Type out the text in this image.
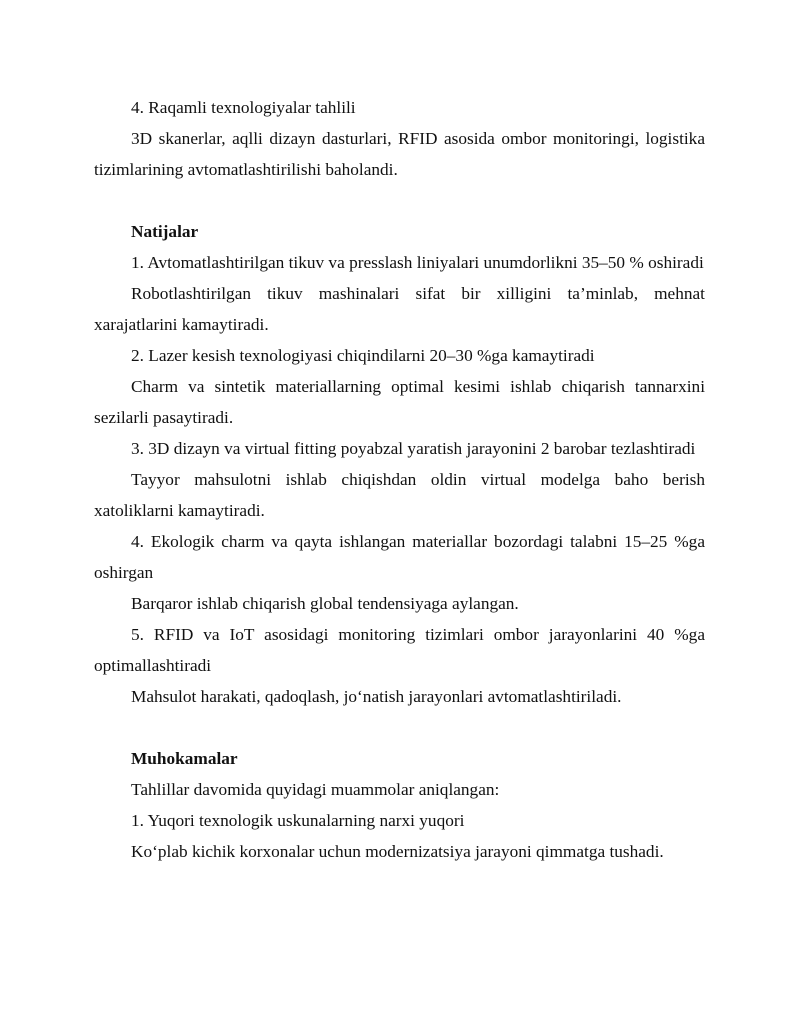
4. Raqamli texnologiyalar tahlili

3D skanerlar, aqlli dizayn dasturlari, RFID asosida ombor monitoringi, logistika tizimlarining avtomatlashtirilishi baholandi.

Natijalar

1. Avtomatlashtirilgan tikuv va presslash liniyalari unumdorlikni 35–50 % oshiradi

Robotlashtirilgan tikuv mashinalari sifat bir xilligini ta’minlab, mehnat xarajatlarini kamaytiradi.

2. Lazer kesish texnologiyasi chiqindilarni 20–30 %ga kamaytiradi

Charm va sintetik materiallarning optimal kesimi ishlab chiqarish tannarxini sezilarli pasaytiradi.

3. 3D dizayn va virtual fitting poyabzal yaratish jarayonini 2 barobar tezlashtiradi

Tayyor mahsulotni ishlab chiqishdan oldin virtual modelga baho berish xatoliklarni kamaytiradi.

4. Ekologik charm va qayta ishlangan materiallar bozordagi talabni 15–25 %ga oshirgan

Barqaror ishlab chiqarish global tendensiyaga aylangan.

5. RFID va IoT asosidagi monitoring tizimlari ombor jarayonlarini 40 %ga optimallashtiradi

Mahsulot harakati, qadoqlash, jo‘natish jarayonlari avtomatlashtiriladi.

Muhokamalar

Tahlillar davomida quyidagi muammolar aniqlangan:

1. Yuqori texnologik uskunalarning narxi yuqori

Ko‘plab kichik korxonalar uchun modernizatsiya jarayoni qimmatga tushadi.
